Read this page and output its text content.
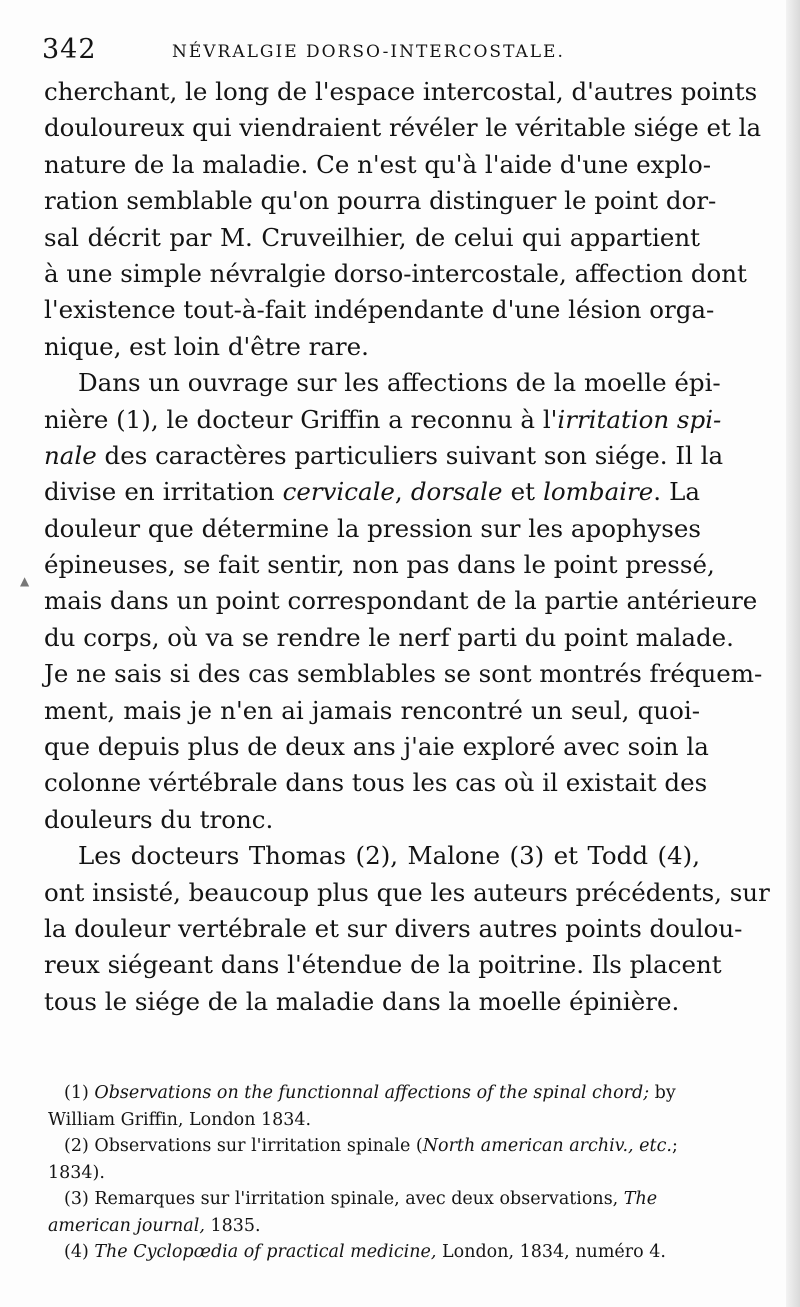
342	NÉVRALGIE DORSO-INTERCOSTALE.
▲
cherchant, le long de l'espace intercostal, d'autres points
douloureux qui viendraient révéler le véritable siége et la
nature de la maladie. Ce n'est qu'à l'aide d'une explo-
ration semblable qu'on pourra distinguer le point dor-
sal décrit par M. Cruveilhier, de celui qui appartient
à une simple névralgie dorso-intercostale, affection dont
l'existence tout-à-fait indépendante d'une lésion orga-
nique, est loin d'être rare.
Dans un ouvrage sur les affections de la moelle épi-
nière (1), le docteur Griffin a reconnu à l'irritation spi-
nale des caractères particuliers suivant son siége. Il la
divise en irritation cervicale, dorsale et lombaire. La
douleur que détermine la pression sur les apophyses
épineuses, se fait sentir, non pas dans le point pressé,
mais dans un point correspondant de la partie antérieure
du corps, où va se rendre le nerf parti du point malade.
Je ne sais si des cas semblables se sont montrés fréquem-
ment, mais je n'en ai jamais rencontré un seul, quoi-
que depuis plus de deux ans j'aie exploré avec soin la
colonne vértébrale dans tous les cas où il existait des
douleurs du tronc.
Les docteurs Thomas (2), Malone (3) et Todd (4),
ont insisté, beaucoup plus que les auteurs précédents, sur
la douleur vertébrale et sur divers autres points doulou-
reux siégeant dans l'étendue de la poitrine. Ils placent
tous le siége de la maladie dans la moelle épinière.
(1) Observations on the functionnal affections of the spinal chord; by
William Griffin, London 1834.
(2) Observations sur l'irritation spinale (North american archiv., etc.;
1834).
(3) Remarques sur l'irritation spinale, avec deux observations, The
american journal, 1835.
(4) The Cyclopœdia of practical medicine, London, 1834, numéro 4.
